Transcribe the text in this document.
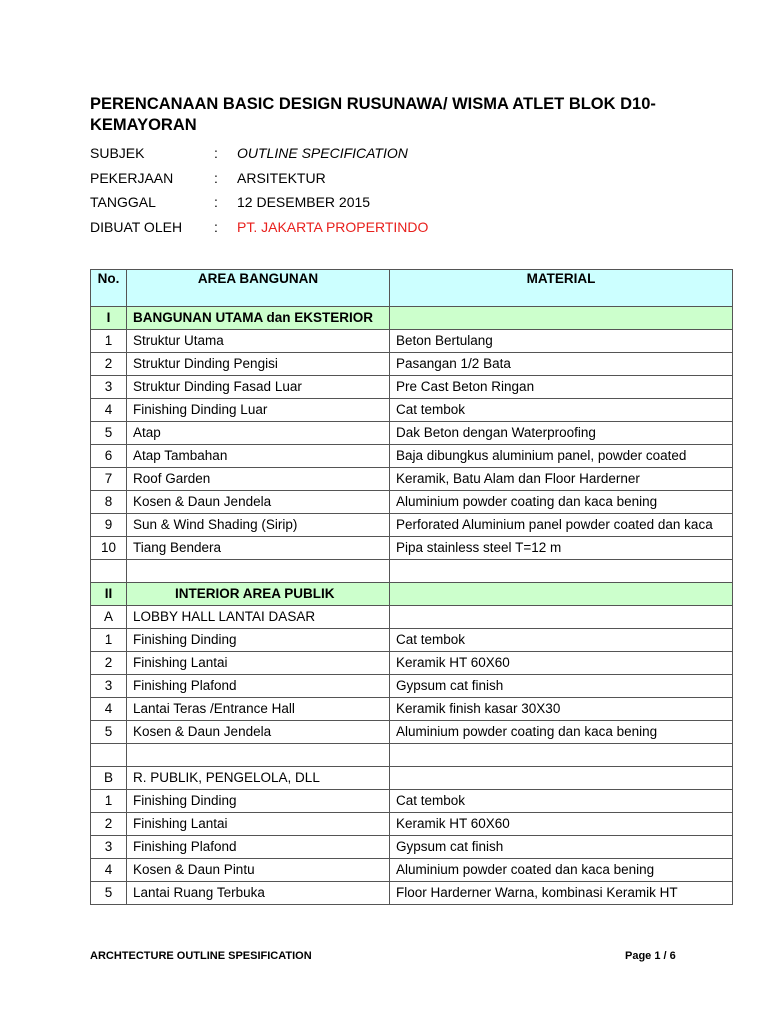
PERENCANAAN BASIC DESIGN RUSUNAWA/ WISMA ATLET BLOK D10-KEMAYORAN
SUBJEK	: OUTLINE SPECIFICATION
PEKERJAAN	: ARSITEKTUR
TANGGAL	: 12 DESEMBER 2015
DIBUAT OLEH : PT. JAKARTA PROPERTINDO
No.	AREA BANGUNAN	MATERIAL
I	BANGUNAN UTAMA dan EKSTERIOR	
1	Struktur Utama	Beton Bertulang
2	Struktur Dinding Pengisi	Pasangan 1/2 Bata
3	Struktur Dinding Fasad Luar	Pre Cast Beton Ringan
4	Finishing Dinding Luar	Cat tembok
5	Atap	Dak Beton dengan Waterproofing
6	Atap Tambahan	Baja dibungkus aluminium panel, powder coated
7	Roof Garden	Keramik, Batu Alam dan Floor Harderner
8	Kosen & Daun Jendela	Aluminium powder coating dan kaca bening
9	Sun & Wind Shading (Sirip)	Perforated Aluminium panel powder coated dan kaca
10	Tiang Bendera	Pipa stainless steel T=12 m

II	INTERIOR AREA PUBLIK	
A	LOBBY HALL LANTAI DASAR	
1	Finishing Dinding	Cat tembok
2	Finishing Lantai	Keramik HT 60X60
3	Finishing Plafond	Gypsum cat finish
4	Lantai Teras /Entrance Hall	Keramik finish kasar 30X30
5	Kosen & Daun Jendela	Aluminium powder coating dan kaca bening

B	R. PUBLIK, PENGELOLA, DLL	
1	Finishing Dinding	Cat tembok
2	Finishing Lantai	Keramik HT 60X60
3	Finishing Plafond	Gypsum cat finish
4	Kosen & Daun Pintu	Aluminium powder coated dan kaca bening
5	Lantai Ruang Terbuka	Floor Harderner Warna, kombinasi Keramik HT
ARCHTECTURE OUTLINE SPESIFICATION	Page 1 / 6
